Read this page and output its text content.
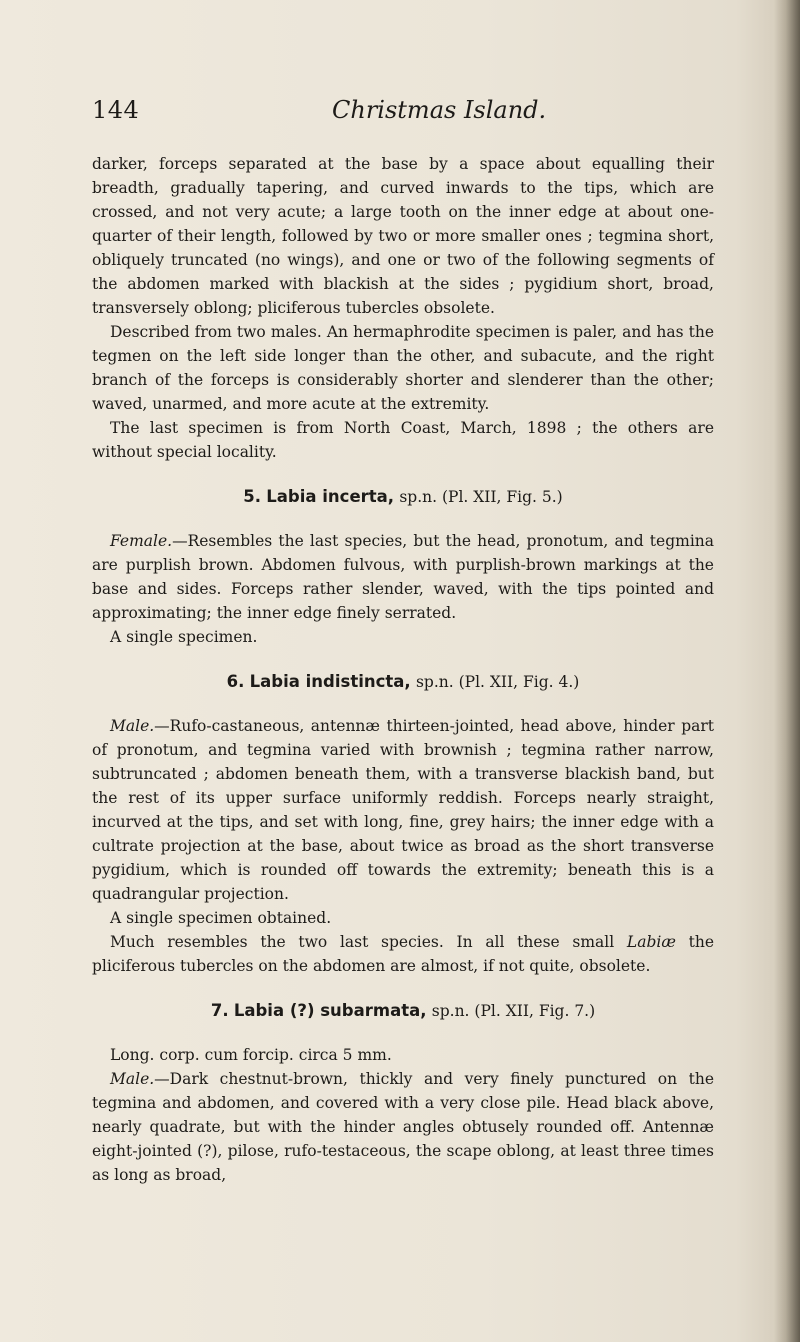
144	Christmas Island.

darker, forceps separated at the base by a space about equalling their breadth, gradually tapering, and curved inwards to the tips, which are crossed, and not very acute; a large tooth on the inner edge at about one-quarter of their length, followed by two or more smaller ones ; tegmina short, obliquely truncated (no wings), and one or two of the following segments of the abdomen marked with blackish at the sides ; pygidium short, broad, transversely oblong; pliciferous tubercles obsolete.

Described from two males. An hermaphrodite specimen is paler, and has the tegmen on the left side longer than the other, and subacute, and the right branch of the forceps is considerably shorter and slenderer than the other; waved, unarmed, and more acute at the extremity.

The last specimen is from North Coast, March, 1898 ; the others are without special locality.

5. Labia incerta, sp.n. (Pl. XII, Fig. 5.)

Female.—Resembles the last species, but the head, pronotum, and tegmina are purplish brown. Abdomen fulvous, with purplish-brown markings at the base and sides. Forceps rather slender, waved, with the tips pointed and approximating; the inner edge finely serrated.

A single specimen.

6. Labia indistincta, sp.n. (Pl. XII, Fig. 4.)

Male.—Rufo-castaneous, antennæ thirteen-jointed, head above, hinder part of pronotum, and tegmina varied with brownish ; tegmina rather narrow, subtruncated ; abdomen beneath them, with a transverse blackish band, but the rest of its upper surface uniformly reddish. Forceps nearly straight, incurved at the tips, and set with long, fine, grey hairs; the inner edge with a cultrate projection at the base, about twice as broad as the short transverse pygidium, which is rounded off towards the extremity; beneath this is a quadrangular projection.

A single specimen obtained.

Much resembles the two last species. In all these small Labiæ the pliciferous tubercles on the abdomen are almost, if not quite, obsolete.

7. Labia (?) subarmata, sp.n. (Pl. XII, Fig. 7.)

Long. corp. cum forcip. circa 5 mm.

Male.—Dark chestnut-brown, thickly and very finely punctured on the tegmina and abdomen, and covered with a very close pile. Head black above, nearly quadrate, but with the hinder angles obtusely rounded off. Antennæ eight-jointed (?), pilose, rufo-testaceous, the scape oblong, at least three times as long as broad,
